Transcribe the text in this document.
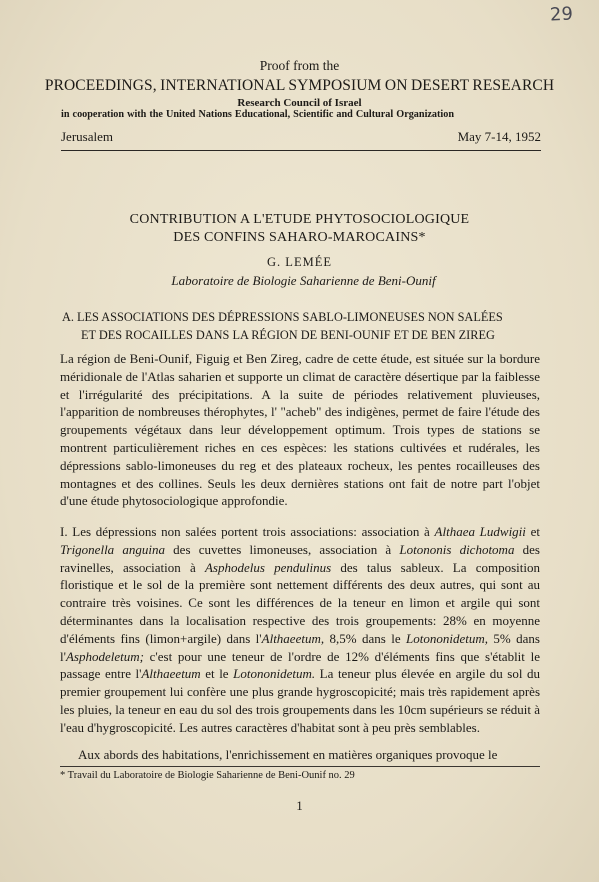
29
Proof from the
PROCEEDINGS, INTERNATIONAL SYMPOSIUM ON DESERT RESEARCH
Research Council of Israel
in cooperation with the United Nations Educational, Scientific and Cultural Organization
Jerusalem	May 7-14, 1952
CONTRIBUTION A L'ETUDE PHYTOSOCIOLOGIQUE
DES CONFINS SAHARO-MAROCAINS*
G. LEMÉE
Laboratoire de Biologie Saharienne de Beni-Ounif
A. LES ASSOCIATIONS DES DÉPRESSIONS SABLO-LIMONEUSES NON SALÉES
ET DES ROCAILLES DANS LA RÉGION DE BENI-OUNIF ET DE BEN ZIREG
La région de Beni-Ounif, Figuig et Ben Zireg, cadre de cette étude, est située sur la bordure méridionale de l'Atlas saharien et supporte un climat de caractère désertique par la faiblesse et l'irrégularité des précipitations. A la suite de périodes relativement pluvieuses, l'apparition de nombreuses thérophytes, l' "acheb" des indigènes, permet de faire l'étude des groupements végétaux dans leur développement optimum. Trois types de stations se montrent particulièrement riches en ces espèces: les stations cultivées et rudérales, les dépressions sablo-limoneuses du reg et des plateaux rocheux, les pentes rocailleuses des montagnes et des collines. Seuls les deux dernières stations ont fait de notre part l'objet d'une étude phytosociologique approfondie.
I. Les dépressions non salées portent trois associations: association à Althaea Ludwigii et Trigonella anguina des cuvettes limoneuses, association à Lotononis dichotoma des ravinelles, association à Asphodelus pendulinus des talus sableux. La composition floristique et le sol de la première sont nettement différents des deux autres, qui sont au contraire très voisines. Ce sont les différences de la teneur en limon et argile qui sont déterminantes dans la localisation respective des trois groupements: 28% en moyenne d'éléments fins (limon+argile) dans l'Althaeetum, 8,5% dans le Lotononidetum, 5% dans l'Asphodeletum; c'est pour une teneur de l'ordre de 12% d'éléments fins que s'établit le passage entre l'Althaeetum et le Lotononidetum. La teneur plus élevée en argile du sol du premier groupement lui confère une plus grande hygroscopicité; mais très rapidement après les pluies, la teneur en eau du sol des trois groupements dans les 10cm supérieurs se réduit à l'eau d'hygroscopicité. Les autres caractères d'habitat sont à peu près semblables.
Aux abords des habitations, l'enrichissement en matières organiques provoque le
* Travail du Laboratoire de Biologie Saharienne de Beni-Ounif no. 29
1
